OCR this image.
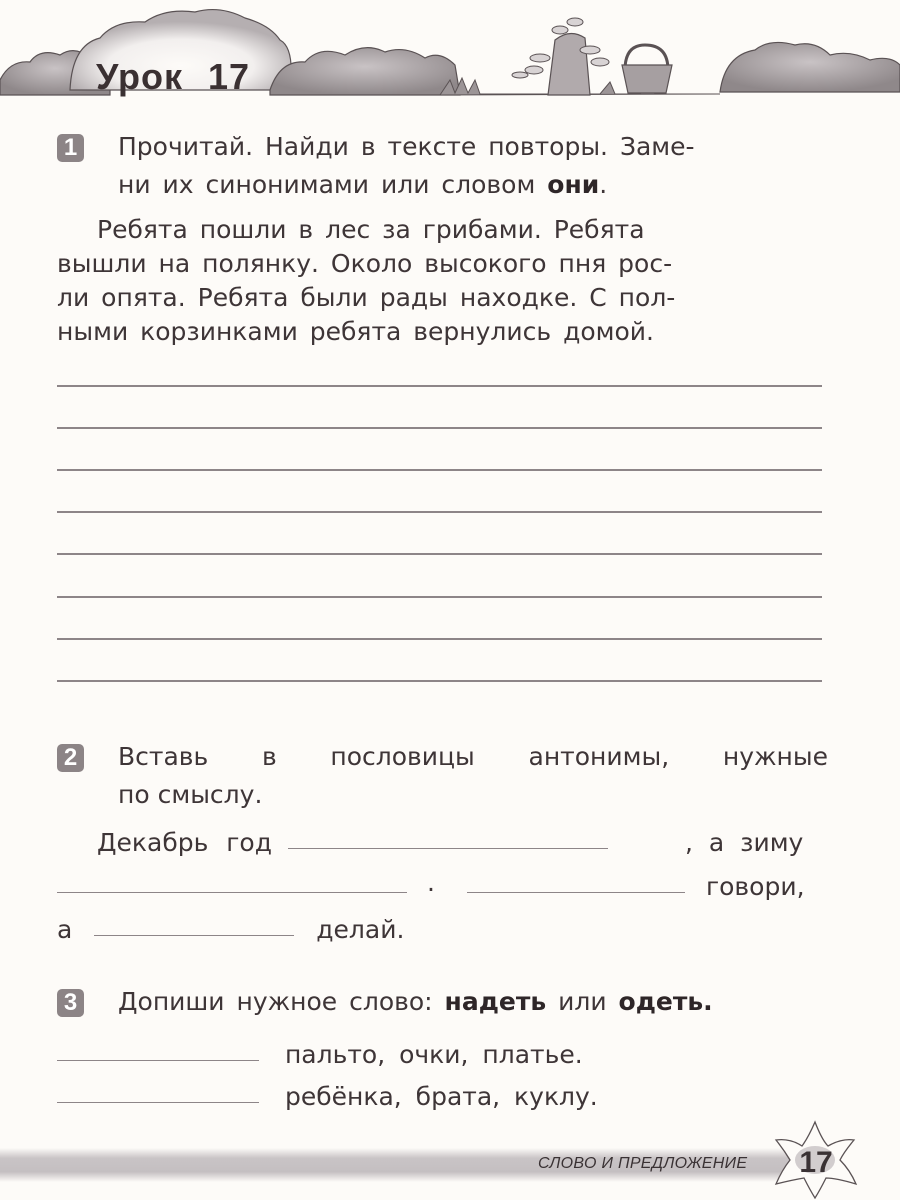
Урок 17
1 Прочитай. Найди в тексте повторы. Заме-
ни их синонимами или словом они.
Ребята пошли в лес за грибами. Ребята
вышли на полянку. Около высокого пня рос-
ли опята. Ребята были рады находке. С пол-
ными корзинками ребята вернулись домой.
2 Вставь в пословицы антонимы, нужные
по смыслу.
Декабрь год	, а зиму
.	говори,
а	делай.
3 Допиши нужное слово: надеть или одеть.
пальто, очки, платье.
ребёнка, брата, куклу.
СЛОВО И ПРЕДЛОЖЕНИЕ 17
